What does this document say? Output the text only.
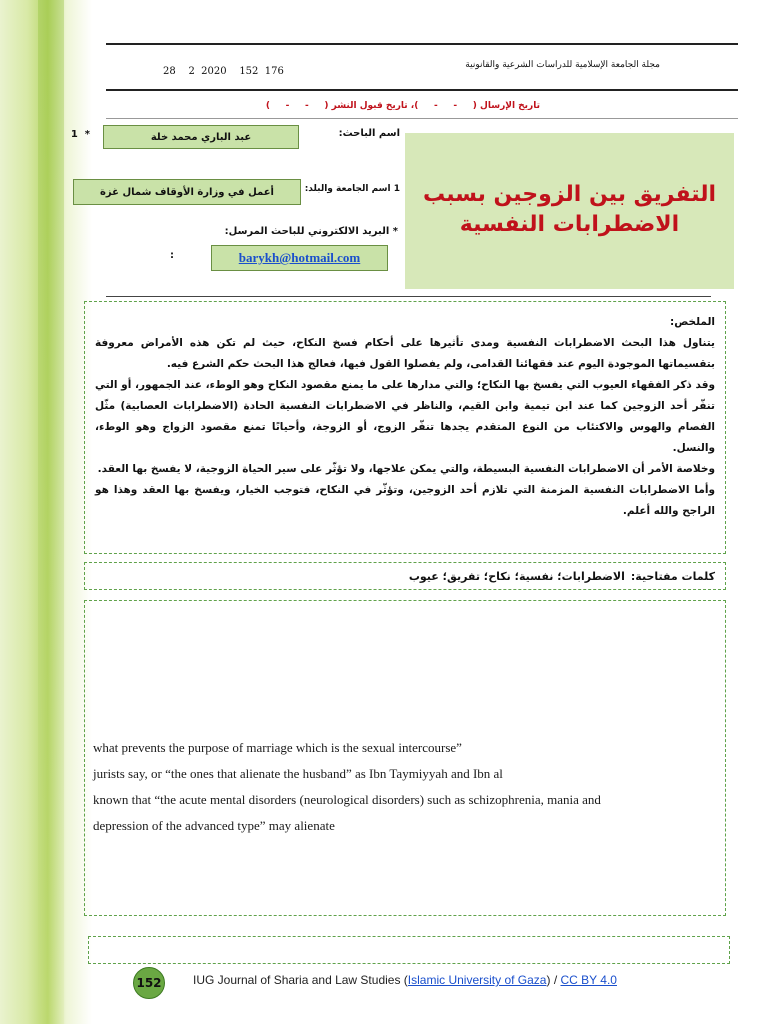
مجلة الجامعة الإسلامية للدراسات الشرعية والقانونية
28    2  2020    152  176
تاريخ الإرسال (     -     -     )، تاريخ قبول النشر (     -     -     )
1  *	عبد الباري محمد خلة	اسم الباحث:
أعمل في وزارة الأوقاف شمال غزة	1 اسم الجامعة والبلد:
* البريد الالكتروني للباحث المرسل:
:	barykh@hotmail.com
التفريق بين الزوجين بسبب
الاضطرابات النفسية

الملخص:

يتناول هذا البحث الاضطرابات النفسية ومدى تأثيرها على أحكام فسخ النكاح، حيث لم تكن هذه الأمراض معروفة بتقسيماتها الموجودة اليوم عند فقهائنا القدامى، ولم يفصلوا القول فيها، فعالج هذا البحث حكم الشرع فيه.

وقد ذكر الفقهاء العيوب التي يفسخ بها النكاح؛ والتي مدارها على ما يمنع مقصود النكاح وهو الوطء، عند الجمهور، أو التي تنفّر أحد الزوجين كما عند ابن تيمية وابن القيم، والناظر في الاضطرابات النفسية الحادة (الاضطرابات العصابية) مثّل الفصام والهوس والاكتئاب من النوع المتقدم يجدها تنفّر الزوج، أو الزوجة، وأحيانًا تمنع مقصود الزواج وهو الوطء، والنسل.

وخلاصة الأمر أن الاضطرابات النفسية البسيطة، والتي يمكن علاجها، ولا تؤثّر على سير الحياة الزوجية، لا يفسخ بها العقد.

وأما الاضطرابات النفسية المزمنة التي تلازم أحد الزوجين، وتؤثّر في النكاح، فتوجب الخيار، ويفسخ بها العقد وهذا هو الراجح والله أعلم.

كلمات مفتاحية:
الاضطرابات؛ نفسية؛ نكاح؛ تفريق؛ عيوب

what prevents the purpose of marriage which is the sexual intercourse”

jurists say, or “the ones that alienate the husband” as Ibn Taymiyyah and Ibn al

known that “the acute mental disorders (neurological disorders) such as schizophrenia, mania and

depression of the advanced type” may alienate

152	IUG Journal of Sharia and Law Studies (Islamic University of Gaza) / CC BY 4.0
